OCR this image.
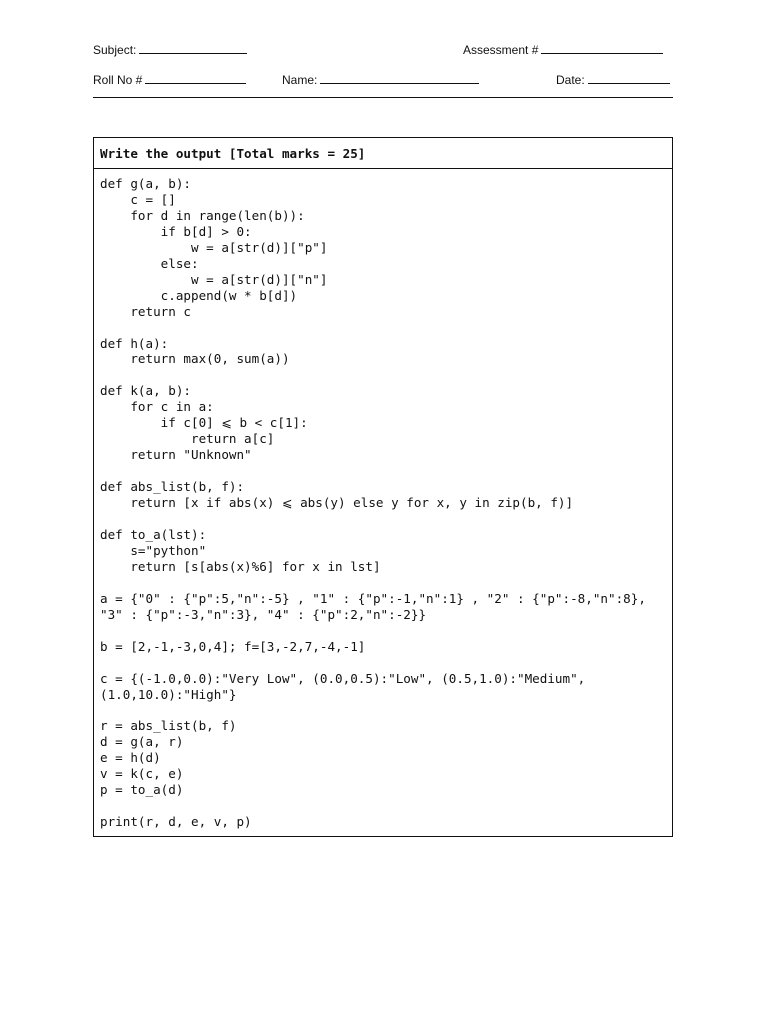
Subject:	Assessment #
Roll No #	Name:	Date:
Write the output [Total marks = 25]
def g(a, b):
c = []
for d in range(len(b)):
if b[d] > 0:
w = a[str(d)]["p"]
else:
w = a[str(d)]["n"]
c.append(w * b[d])
return c

def h(a):
return max(0, sum(a))

def k(a, b):
for c in a:
if c[0] ⩽ b < c[1]:
return a[c]
return "Unknown"

def abs_list(b, f):
return [x if abs(x) ⩽ abs(y) else y for x, y in zip(b, f)]

def to_a(lst):
s="python"
return [s[abs(x)%6] for x in lst]

a = {"0" : {"p":5,"n":-5} , "1" : {"p":-1,"n":1} , "2" : {"p":-8,"n":8},
"3" : {"p":-3,"n":3}, "4" : {"p":2,"n":-2}}

b = [2,-1,-3,0,4]; f=[3,-2,7,-4,-1]

c = {(-1.0,0.0):"Very Low", (0.0,0.5):"Low", (0.5,1.0):"Medium",
(1.0,10.0):"High"}

r = abs_list(b, f)
d = g(a, r)
e = h(d)
v = k(c, e)
p = to_a(d)

print(r, d, e, v, p)
